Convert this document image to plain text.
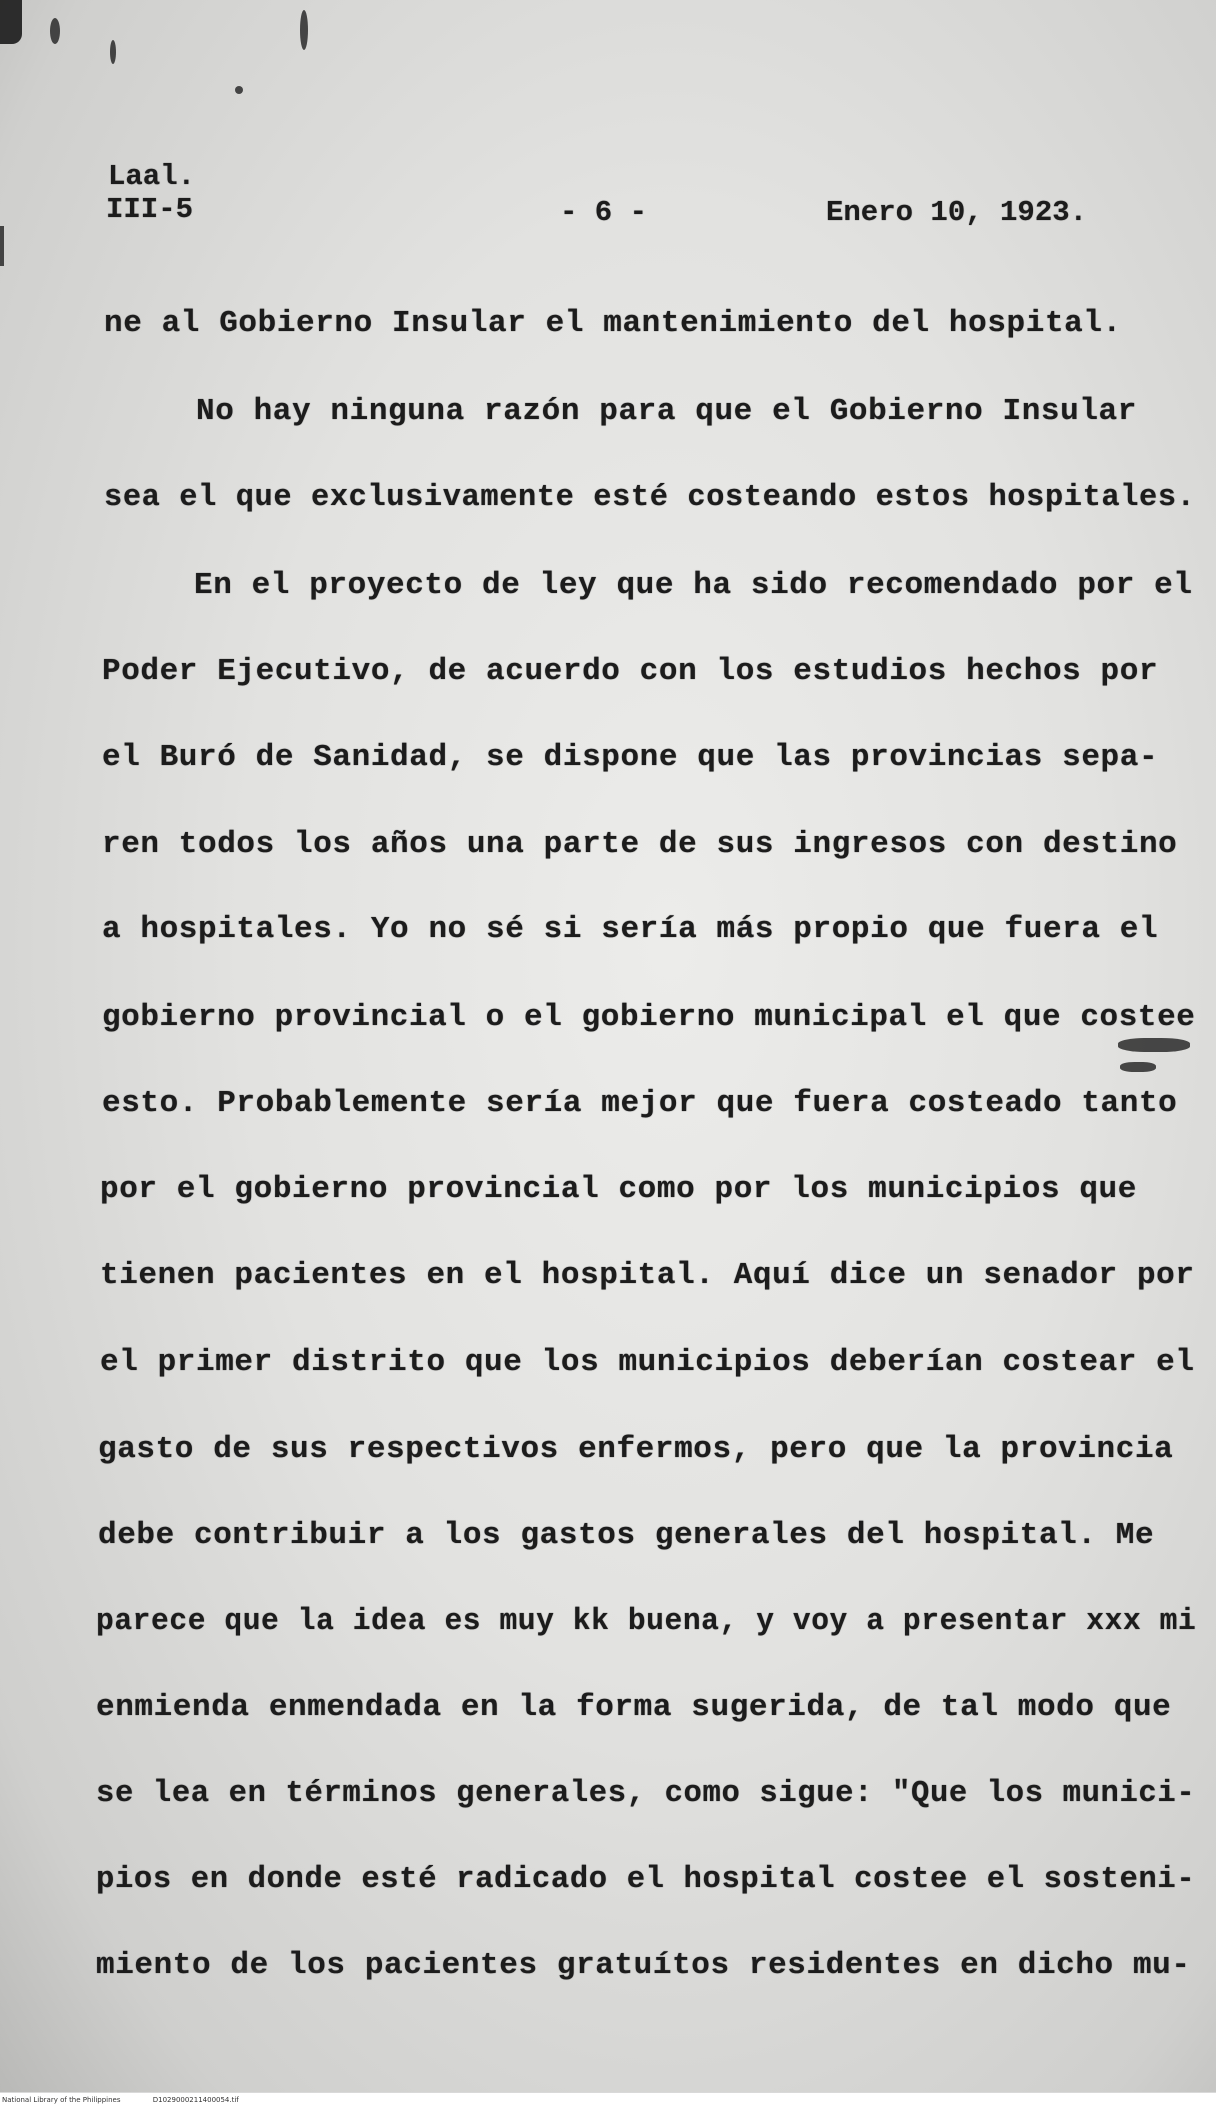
Laal.
III-5	- 6 -	Enero 10, 1923.
ne al Gobierno Insular el mantenimiento del hospital.
No hay ninguna razón para que el Gobierno Insular
sea el que exclusivamente esté costeando estos hospitales.
En el proyecto de ley que ha sido recomendado por el
Poder Ejecutivo, de acuerdo con los estudios hechos por
el Buró de Sanidad, se dispone que las provincias sepa-
ren todos los años una parte de sus ingresos con destino
a hospitales. Yo no sé si sería más propio que fuera el
gobierno provincial o el gobierno municipal el que costee
esto. Probablemente sería mejor que fuera costeado tanto
por el gobierno provincial como por los municipios que
tienen pacientes en el hospital. Aquí dice un senador por
el primer distrito que los municipios deberían costear el
gasto de sus respectivos enfermos, pero que la provincia
debe contribuir a los gastos generales del hospital. Me
parece que la idea es muy kk buena, y voy a presentar xxx mi
enmienda enmendada en la forma sugerida, de tal modo que
se lea en términos generales, como sigue: "Que los munici-
pios en donde esté radicado el hospital costee el sosteni-
miento de los pacientes gratuítos residentes en dicho mu-
National Library of the Philippines	D1029000211400054.tif
